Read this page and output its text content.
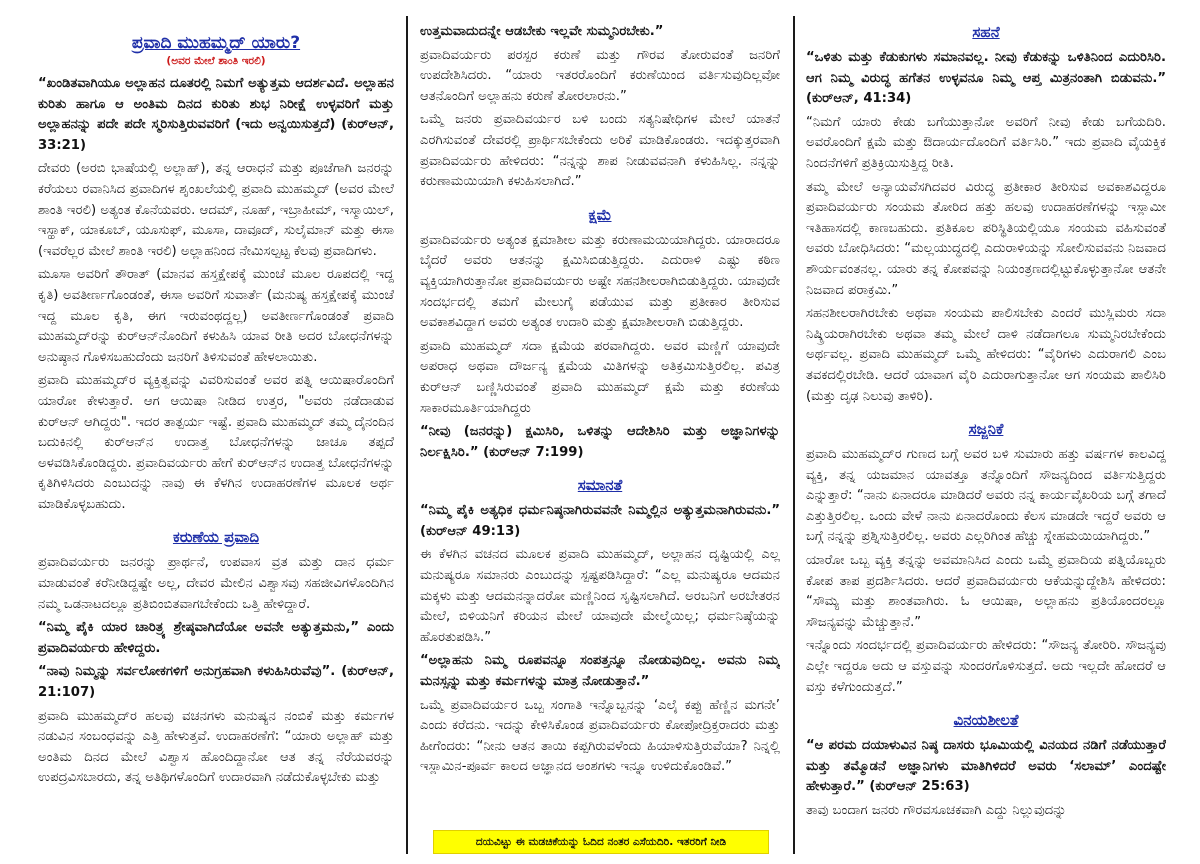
ಪ್ರವಾದಿ ಮುಹಮ್ಮದ್ ಯಾರು?
(ಅವರ ಮೇಲೆ ಶಾಂತಿ ಇರಲಿ)

“ಖಂಡಿತವಾಗಿಯೂ ಅಲ್ಲಾಹನ ದೂತರಲ್ಲಿ ನಿಮಗೆ ಅತ್ಯುತ್ತಮ ಆದರ್ಶವಿದೆ. ಅಲ್ಲಾಹನ ಕುರಿತು ಹಾಗೂ ಆ ಅಂತಿಮ ದಿನದ ಕುರಿತು ಶುಭ ನಿರೀಕ್ಷೆ ಉಳ್ಳವರಿಗೆ ಮತ್ತು ಅಲ್ಲಾಹನನ್ನು ಪದೇ ಪದೇ ಸ್ಮರಿಸುತ್ತಿರುವವರಿಗೆ (ಇದು ಅನ್ವಯಿಸುತ್ತದೆ) (ಕುರ್‌ಆನ್, 33:21)

ದೇವರು (ಅರಬಿ ಭಾಷೆಯಲ್ಲಿ ಅಲ್ಲಾಹ್), ತನ್ನ ಆರಾಧನೆ ಮತ್ತು ಪೂಜೆಗಾಗಿ ಜನರನ್ನು ಕರೆಯಲು ರವಾನಿಸಿದ ಪ್ರವಾದಿಗಳ ಶೃಂಖಲೆಯಲ್ಲಿ ಪ್ರವಾದಿ ಮುಹಮ್ಮದ್ (ಅವರ ಮೇಲೆ ಶಾಂತಿ ಇರಲಿ) ಅತ್ಯಂತ ಕೊನೆಯವರು. ಆದಮ್, ನೂಹ್, ಇಬ್ರಾಹೀಮ್, ಇಸ್ಮಾಯಿಲ್, ಇಸ್ಹಾಕ್, ಯಾಕೂಬ್, ಯೂಸುಫ್, ಮೂಸಾ, ದಾವೂದ್, ಸುಲೈಮಾನ್ ಮತ್ತು ಈಸಾ (ಇವರೆಲ್ಲರ ಮೇಲೆ ಶಾಂತಿ ಇರಲಿ) ಅಲ್ಲಾಹನಿಂದ ನೇಮಿಸಲ್ಪಟ್ಟ ಕೆಲವು ಪ್ರವಾದಿಗಳು.

ಮೂಸಾ ಅವರಿಗೆ ತೌರಾತ್ (ಮಾನವ ಹಸ್ತಕ್ಷೇಪಕ್ಕೆ ಮುಂಚೆ ಮೂಲ ರೂಪದಲ್ಲಿ ಇದ್ದ ಕೃತಿ) ಅವತೀರ್ಣಗೊಂಡಂತೆ, ಈಸಾ ಅವರಿಗೆ ಸುವಾರ್ತೆ (ಮನುಷ್ಯ ಹಸ್ತಕ್ಷೇಪಕ್ಕೆ ಮುಂಚೆ ಇದ್ದ ಮೂಲ ಕೃತಿ, ಈಗ ಇರುವಂಥದ್ದಲ್ಲ) ಅವತೀರ್ಣಗೊಂಡಂತೆ ಪ್ರವಾದಿ ಮುಹಮ್ಮದ್‌ರನ್ನು ಕುರ್‌ಆನ್‌ನೊಂದಿಗೆ ಕಳುಹಿಸಿ ಯಾವ ರೀತಿ ಅದರ ಬೋಧನೆಗಳನ್ನು ಅನುಷ್ಠಾನ ಗೊಳಿಸಬಹುದೆಂದು ಜನರಿಗೆ ತಿಳಿಸುವಂತೆ ಹೇಳಲಾಯಿತು.

ಪ್ರವಾದಿ ಮುಹಮ್ಮದ್‌ರ ವ್ಯಕ್ತಿತ್ವವನ್ನು ವಿವರಿಸುವಂತೆ ಅವರ ಪತ್ನಿ ಆಯಿಷಾರೊಂದಿಗೆ ಯಾರೋ ಕೇಳುತ್ತಾರೆ. ಆಗ ಆಯಿಷಾ ನೀಡಿದ ಉತ್ತರ, "ಅವರು ನಡೆದಾಡುವ ಕುರ್‌ಆನ್ ಆಗಿದ್ದರು". ಇದರ ತಾತ್ಪರ್ಯ ಇಷ್ಟೆ. ಪ್ರವಾದಿ ಮುಹಮ್ಮದ್ ತಮ್ಮ ದೈನಂದಿನ ಬದುಕಿನಲ್ಲಿ ಕುರ್‌ಆನ್‌ನ ಉದಾತ್ತ ಬೋಧನೆಗಳನ್ನು ಜಾಚೂ ತಪ್ಪದೆ ಅಳವಡಿಸಿಕೊಂಡಿದ್ದರು. ಪ್ರವಾದಿವರ್ಯರು ಹೇಗೆ ಕುರ್‌ಆನ್‌ನ ಉದಾತ್ತ ಬೋಧನೆಗಳನ್ನು ಕೃತಿಗಿಳಿಸಿದರು ಎಂಬುದನ್ನು ನಾವು ಈ ಕೆಳಗಿನ ಉದಾಹರಣೆಗಳ ಮೂಲಕ ಅರ್ಥ ಮಾಡಿಕೊಳ್ಳಬಹುದು.

ಕರುಣೆಯ ಪ್ರವಾದಿ

ಪ್ರವಾದಿವರ್ಯರು ಜನರನ್ನು ಪ್ರಾರ್ಥನೆ, ಉಪವಾಸ ವ್ರತ ಮತ್ತು ದಾನ ಧರ್ಮ ಮಾಡುವಂತೆ ಕರೆನೀಡಿದ್ದಷ್ಟೇ ಅಲ್ಲ, ದೇವರ ಮೇಲಿನ ವಿಶ್ವಾಸವು ಸಹಜೀವಿಗಳೊಂದಿಗಿನ ನಮ್ಮ ಒಡನಾಟದಲ್ಲೂ ಪ್ರತಿಬಿಂಬಿತವಾಗಬೇಕೆಂದು ಒತ್ತಿ ಹೇಳಿದ್ದಾರೆ.

“ನಿಮ್ಮ ಪೈಕಿ ಯಾರ ಚಾರಿತ್ರ್ಯ ಶ್ರೇಷ್ಠವಾಗಿದೆಯೋ ಅವನೇ ಅತ್ಯುತ್ತಮನು,” ಎಂದು ಪ್ರವಾದಿವರ್ಯರು ಹೇಳಿದ್ದರು.

“ನಾವು ನಿಮ್ಮನ್ನು ಸರ್ವಲೋಕಗಳಿಗೆ ಅನುಗ್ರಹವಾಗಿ ಕಳುಹಿಸಿರುವೆವು”. (ಕುರ್‌ಆನ್, 21:107)

ಪ್ರವಾದಿ ಮುಹಮ್ಮದ್‌ರ ಹಲವು ವಚನಗಳು ಮನುಷ್ಯನ ನಂಬಿಕೆ ಮತ್ತು ಕರ್ಮಗಳ ನಡುವಿನ ಸಂಬಂಧವನ್ನು ಎತ್ತಿ ಹೇಳುತ್ತವೆ. ಉದಾಹರಣೆಗೆ: “ಯಾರು ಅಲ್ಲಾಹ್ ಮತ್ತು ಅಂತಿಮ ದಿನದ ಮೇಲೆ ವಿಶ್ವಾಸ ಹೊಂದಿದ್ದಾನೋ ಆತ ತನ್ನ ನೆರೆಯವರನ್ನು ಉಪದ್ರವಿಸಬಾರದು, ತನ್ನ ಅತಿಥಿಗಳೊಂದಿಗೆ ಉದಾರವಾಗಿ ನಡೆದುಕೊಳ್ಳಬೇಕು ಮತ್ತು

ಉತ್ತಮವಾದುದನ್ನೇ ಆಡಬೇಕು ಇಲ್ಲವೇ ಸುಮ್ಮನಿರಬೇಕು.”

ಪ್ರವಾದಿವರ್ಯರು ಪರಸ್ಪರ ಕರುಣೆ ಮತ್ತು ಗೌರವ ತೋರುವಂತೆ ಜನರಿಗೆ ಉಪದೇಶಿಸಿದರು. “ಯಾರು ಇತರರೊಂದಿಗೆ ಕರುಣೆಯಿಂದ ವರ್ತಿಸುವುದಿಲ್ಲವೋ ಆತನೊಂದಿಗೆ ಅಲ್ಲಾಹನು ಕರುಣೆ ತೋರಲಾರನು.”

ಒಮ್ಮೆ ಜನರು ಪ್ರವಾದಿವರ್ಯರ ಬಳಿ ಬಂದು ಸತ್ಯನಿಷೇಧಿಗಳ ಮೇಲೆ ಯಾತನೆ ಎರಗಿಸುವಂತೆ ದೇವರಲ್ಲಿ ಪ್ರಾರ್ಥಿಸಬೇಕೆಂದು ಅರಿಕೆ ಮಾಡಿಕೊಂಡರು. ಇದಕ್ಕುತ್ತರವಾಗಿ ಪ್ರವಾದಿವರ್ಯರು ಹೇಳಿದರು: “ನನ್ನನ್ನು ಶಾಪ ನೀಡುವವನಾಗಿ ಕಳುಹಿಸಿಲ್ಲ. ನನ್ನನ್ನು ಕರುಣಾಮಯಿಯಾಗಿ ಕಳುಹಿಸಲಾಗಿದೆ.”

ಕ್ಷಮೆ

ಪ್ರವಾದಿವರ್ಯರು ಅತ್ಯಂತ ಕ್ಷಮಾಶೀಲ ಮತ್ತು ಕರುಣಾಮಯಿಯಾಗಿದ್ದರು. ಯಾರಾದರೂ ಬೈದರೆ ಅವರು ಆತನನ್ನು ಕ್ಷಮಿಸಿಬಿಡುತ್ತಿದ್ದರು. ಎದುರಾಳಿ ಎಷ್ಟು ಕಠಿಣ ವ್ಯಕ್ತಿಯಾಗಿರುತ್ತಾನೋ ಪ್ರವಾದಿವರ್ಯರು ಅಷ್ಟೇ ಸಹನಶೀಲರಾಗಿಬಿಡುತ್ತಿದ್ದರು. ಯಾವುದೇ ಸಂದರ್ಭದಲ್ಲಿ ತಮಗೆ ಮೇಲುಗೈ ಪಡೆಯುವ ಮತ್ತು ಪ್ರತೀಕಾರ ತೀರಿಸುವ ಅವಕಾಶವಿದ್ದಾಗ ಅವರು ಅತ್ಯಂತ ಉದಾರಿ ಮತ್ತು ಕ್ಷಮಾಶೀಲರಾಗಿ ಬಿಡುತ್ತಿದ್ದರು.

ಪ್ರವಾದಿ ಮುಹಮ್ಮದ್ ಸದಾ ಕ್ಷಮೆಯ ಪರವಾಗಿದ್ದರು. ಅವರ ಮಣ್ಣಿಗೆ ಯಾವುದೇ ಅಪರಾಧ ಅಥವಾ ದೌರ್ಜನ್ಯ ಕ್ಷಮೆಯ ಮಿತಿಗಳನ್ನು ಅತಿಕ್ರಮಿಸುತ್ತಿರಲಿಲ್ಲ. ಪವಿತ್ರ ಕುರ್‌ಆನ್ ಬಣ್ಣಿಸಿರುವಂತೆ ಪ್ರವಾದಿ ಮುಹಮ್ಮದ್ ಕ್ಷಮೆ ಮತ್ತು ಕರುಣೆಯ ಸಾಕಾರಮೂರ್ತಿಯಾಗಿದ್ದರು

“ನೀವು (ಜನರನ್ನು) ಕ್ಷಮಿಸಿರಿ, ಒಳಿತನ್ನು ಆದೇಶಿಸಿರಿ ಮತ್ತು ಅಜ್ಞಾನಿಗಳನ್ನು ನಿರ್ಲಕ್ಷಿಸಿರಿ.” (ಕುರ್‌ಆನ್ 7:199)

ಸಮಾನತೆ

“ನಿಮ್ಮ ಪೈಕಿ ಅತ್ಯಧಿಕ ಧರ್ಮನಿಷ್ಠನಾಗಿರುವವನೇ ನಿಮ್ಮಲ್ಲಿನ ಅತ್ಯುತ್ತಮನಾಗಿರುವನು.” (ಕುರ್‌ಆನ್ 49:13)

ಈ ಕೆಳಗಿನ ವಚನದ ಮೂಲಕ ಪ್ರವಾದಿ ಮುಹಮ್ಮದ್, ಅಲ್ಲಾಹನ ದೃಷ್ಟಿಯಲ್ಲಿ ಎಲ್ಲ ಮನುಷ್ಯರೂ ಸಮಾನರು ಎಂಬುದನ್ನು ಸ್ಪಷ್ಟಪಡಿಸಿದ್ದಾರೆ: “ಎಲ್ಲ ಮನುಷ್ಯರೂ ಆದಮನ ಮಕ್ಕಳು ಮತ್ತು ಆದಮನನ್ನಾದರೋ ಮಣ್ಣಿನಿಂದ ಸೃಷ್ಟಿಸಲಾಗಿದೆ. ಅರಬನಿಗೆ ಅರಬೇತರನ ಮೇಲೆ, ಬಿಳಿಯನಿಗೆ ಕರಿಯನ ಮೇಲೆ ಯಾವುದೇ ಮೇಲ್ಮೆಯಿಲ್ಲ; ಧರ್ಮನಿಷ್ಠೆಯನ್ನು ಹೊರತುಪಡಿಸಿ.”

“ಅಲ್ಲಾಹನು ನಿಮ್ಮ ರೂಪವನ್ನೂ ಸಂಪತ್ತನ್ನೂ ನೋಡುವುದಿಲ್ಲ. ಅವನು ನಿಮ್ಮ ಮನಸ್ಸನ್ನು ಮತ್ತು ಕರ್ಮಗಳನ್ನು ಮಾತ್ರ ನೋಡುತ್ತಾನೆ.”

ಒಮ್ಮೆ ಪ್ರವಾದಿವರ್ಯರ ಒಬ್ಬ ಸಂಗಾತಿ ಇನ್ನೊಬ್ಬನನ್ನು ‘ಎಲೈ ಕಪ್ಪು ಹೆಣ್ಣಿನ ಮಗನೇ’ ಎಂದು ಕರೆದನು. ಇದನ್ನು ಕೇಳಿಸಿಕೊಂಡ ಪ್ರವಾದಿವರ್ಯರು ಕೋಪೋದ್ರಿಕ್ತರಾದರು ಮತ್ತು ಹೀಗೆಂದರು: “ನೀನು ಆತನ ತಾಯಿ ಕಪ್ಪಗಿರುವಳೆಂದು ಹಿಯಾಳಿಸುತ್ತಿರುವೆಯಾ? ನಿನ್ನಲ್ಲಿ ಇಸ್ಲಾಮಿನ-ಪೂರ್ವ ಕಾಲದ ಅಜ್ಞಾನದ ಅಂಶಗಳು ಇನ್ನೂ ಉಳಿದುಕೊಂಡಿವೆ.”

ದಯವಿಟ್ಟು ಈ ಮಡಚಿಕೆಯನ್ನು ಓದಿದ ನಂತರ ಎಸೆಯದಿರಿ. ಇತರರಿಗೆ ನೀಡಿ
ಸಹನೆ

“ಒಳಿತು ಮತ್ತು ಕೆಡುಕುಗಳು ಸಮಾನವಲ್ಲ. ನೀವು ಕೆಡುಕನ್ನು ಒಳಿತಿನಿಂದ ಎದುರಿಸಿರಿ. ಆಗ ನಿಮ್ಮ ವಿರುದ್ಧ ಹಗೆತನ ಉಳ್ಳವನೂ ನಿಮ್ಮ ಆಪ್ತ ಮಿತ್ರನಂತಾಗಿ ಬಿಡುವನು.” (ಕುರ್‌ಆನ್, 41:34)

“ನಿಮಗೆ ಯಾರು ಕೇಡು ಬಗೆಯುತ್ತಾನೋ ಅವರಿಗೆ ನೀವು ಕೇಡು ಬಗೆಯದಿರಿ. ಅವರೊಂದಿಗೆ ಕ್ಷಮೆ ಮತ್ತು ಔದಾರ್ಯದೊಂದಿಗೆ ವರ್ತಿಸಿರಿ.” ಇದು ಪ್ರವಾದಿ ವೈಯಕ್ತಿಕ ನಿಂದನೆಗಳಿಗೆ ಪ್ರತಿಕ್ರಿಯಿಸುತ್ತಿದ್ದ ರೀತಿ.

ತಮ್ಮ ಮೇಲೆ ಅನ್ಯಾಯವೆಸಗಿದವರ ವಿರುದ್ಧ ಪ್ರತೀಕಾರ ತೀರಿಸುವ ಅವಕಾಶವಿದ್ದರೂ ಪ್ರವಾದಿವರ್ಯರು ಸಂಯಮ ತೋರಿದ ಹತ್ತು ಹಲವು ಉದಾಹರಣೆಗಳನ್ನು ಇಸ್ಲಾಮೀ ಇತಿಹಾಸದಲ್ಲಿ ಕಾಣಬಹುದು. ಪ್ರತಿಕೂಲ ಪರಿಸ್ಥಿತಿಯಲ್ಲಿಯೂ ಸಂಯಮ ವಹಿಸುವಂತೆ ಅವರು ಬೋಧಿಸಿದರು: “ಮಲ್ಲಯುದ್ಧದಲ್ಲಿ ಎದುರಾಳಿಯನ್ನು ಸೋಲಿಸುವವನು ನಿಜವಾದ ಶೌರ್ಯವಂತನಲ್ಲ. ಯಾರು ತನ್ನ ಕೋಪವನ್ನು ನಿಯಂತ್ರಣದಲ್ಲಿಟ್ಟುಕೊಳ್ಳುತ್ತಾನೋ ಆತನೇ ನಿಜವಾದ ಪರಾಕ್ರಮಿ.”

ಸಹನಶೀಲರಾಗಿರಬೇಕು ಅಥವಾ ಸಂಯಮ ಪಾಲಿಸಬೇಕು ಎಂದರೆ ಮುಸ್ಲಿಮರು ಸದಾ ನಿಷ್ಕ್ರಿಯರಾಗಿರಬೇಕು ಅಥವಾ ತಮ್ಮ ಮೇಲೆ ದಾಳಿ ನಡೆದಾಗಲೂ ಸುಮ್ಮನಿರಬೇಕೆಂದು ಅರ್ಥವಲ್ಲ. ಪ್ರವಾದಿ ಮುಹಮ್ಮದ್ ಒಮ್ಮೆ ಹೇಳಿದರು: “ವೈರಿಗಳು ಎದುರಾಗಲಿ ಎಂಬ ತವಕದಲ್ಲಿರಬೇಡಿ. ಆದರೆ ಯಾವಾಗ ವೈರಿ ಎದುರಾಗುತ್ತಾನೋ ಆಗ ಸಂಯಮ ಪಾಲಿಸಿರಿ (ಮತ್ತು ದೃಢ ನಿಲುವು ತಾಳಿರಿ).

ಸಜ್ಜನಿಕೆ

ಪ್ರವಾದಿ ಮುಹಮ್ಮದ್‌ರ ಗುಣದ ಬಗ್ಗೆ ಅವರ ಬಳಿ ಸುಮಾರು ಹತ್ತು ವರ್ಷಗಳ ಕಾಲವಿದ್ದ ವ್ಯಕ್ತಿ, ತನ್ನ ಯಜಮಾನ ಯಾವತ್ತೂ ತನ್ನೊಂದಿಗೆ ಸೌಜನ್ಯದಿಂದ ವರ್ತಿಸುತ್ತಿದ್ದರು ಎನ್ನುತ್ತಾರೆ: “ನಾನು ಏನಾದರೂ ಮಾಡಿದರೆ ಅವರು ನನ್ನ ಕಾರ್ಯವೈಖರಿಯ ಬಗ್ಗೆ ತಗಾದೆ ಎತ್ತುತ್ತಿರಲಿಲ್ಲ. ಒಂದು ವೇಳೆ ನಾನು ಏನಾದರೊಂದು ಕೆಲಸ ಮಾಡದೇ ಇದ್ದರೆ ಅವರು ಆ ಬಗ್ಗೆ ನನ್ನನ್ನು ಪ್ರಶ್ನಿಸುತ್ತಿರಲಿಲ್ಲ. ಅವರು ಎಲ್ಲರಿಗಿಂತ ಹೆಚ್ಚು ಸ್ನೇಹಮಯಿಯಾಗಿದ್ದರು.”

ಯಾರೋ ಒಬ್ಬ ವ್ಯಕ್ತಿ ತನ್ನನ್ನು ಅವಮಾನಿಸಿದ ಎಂದು ಒಮ್ಮೆ ಪ್ರವಾದಿಯ ಪತ್ನಿಯೊಬ್ಬರು ಕೋಪ ತಾಪ ಪ್ರದರ್ಶಿಸಿದರು. ಆದರೆ ಪ್ರವಾದಿವರ್ಯರು ಆಕೆಯನ್ನುದ್ದೇಶಿಸಿ ಹೇಳಿದರು: “ಸೌಮ್ಯ ಮತ್ತು ಶಾಂತವಾಗಿರು. ಓ ಆಯಿಷಾ, ಅಲ್ಲಾಹನು ಪ್ರತಿಯೊಂದರಲ್ಲೂ ಸೌಜನ್ಯವನ್ನು ಮೆಚ್ಚುತ್ತಾನೆ.”

ಇನ್ನೊಂದು ಸಂದರ್ಭದಲ್ಲಿ ಪ್ರವಾದಿವರ್ಯರು ಹೇಳಿದರು: “ಸೌಜನ್ಯ ತೋರಿರಿ. ಸೌಜನ್ಯವು ಎಲ್ಲೇ ಇದ್ದರೂ ಅದು ಆ ವಸ್ತುವನ್ನು ಸುಂದರಗೊಳಿಸುತ್ತದೆ. ಅದು ಇಲ್ಲದೇ ಹೋದರೆ ಆ ವಸ್ತು ಕಳೆಗುಂದುತ್ತದೆ.”

ವಿನಯಶೀಲತೆ

“ಆ ಪರಮ ದಯಾಳುವಿನ ನಿಷ್ಠ ದಾಸರು ಭೂಮಿಯಲ್ಲಿ ವಿನಯದ ನಡಿಗೆ ನಡೆಯುತ್ತಾರೆ ಮತ್ತು ತಮ್ಮೊಡನೆ ಅಜ್ಞಾನಿಗಳು ಮಾತಿಗಿಳಿದರೆ ಅವರು ‘ಸಲಾಮ್’ ಎಂದಷ್ಟೇ ಹೇಳುತ್ತಾರೆ.” (ಕುರ್‌ಆನ್ 25:63)

ತಾವು ಬಂದಾಗ ಜನರು ಗೌರವಸೂಚಕವಾಗಿ ಎದ್ದು ನಿಲ್ಲುವುದನ್ನು
